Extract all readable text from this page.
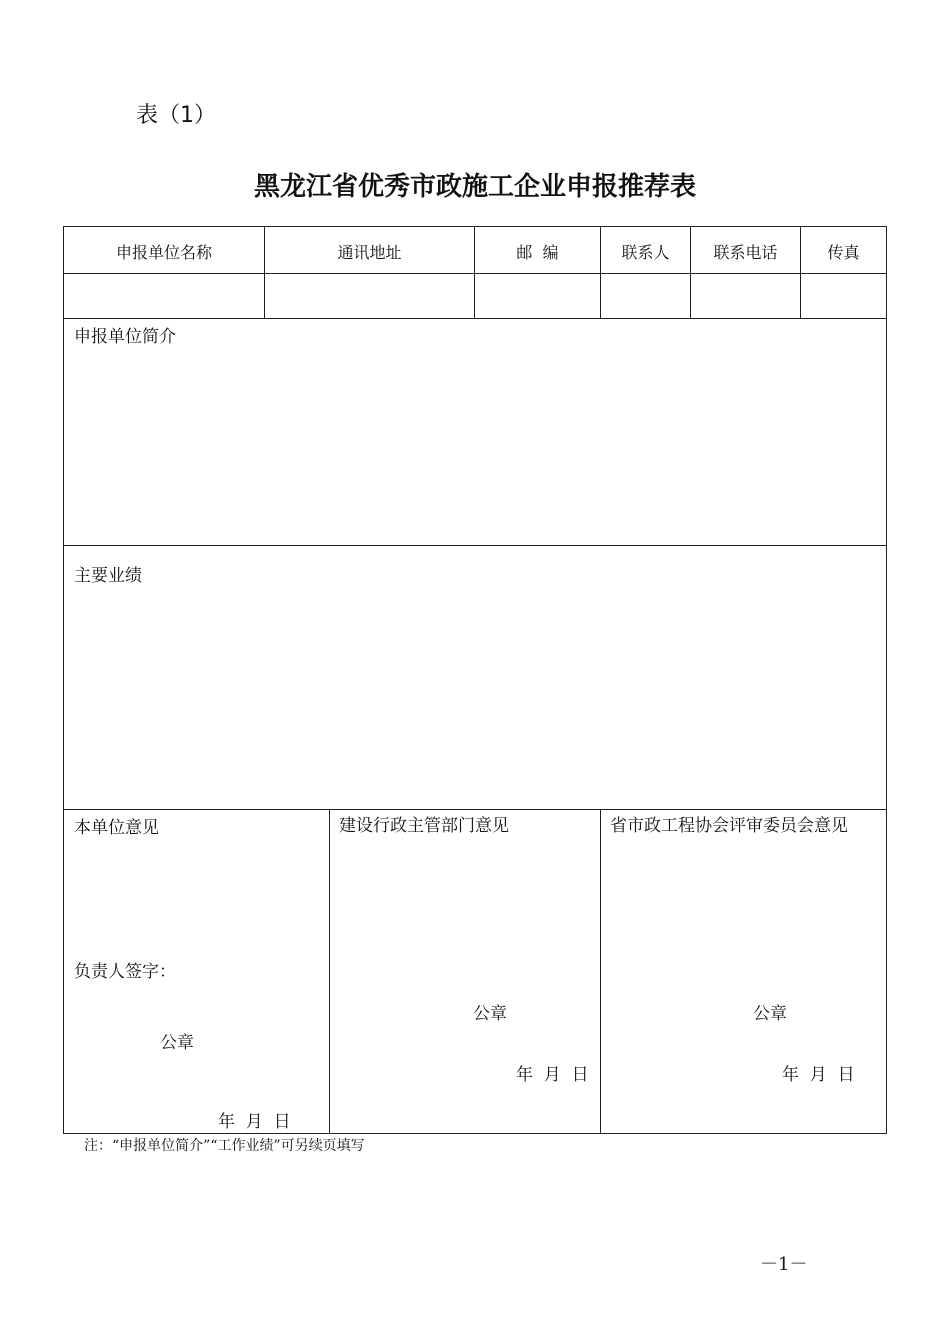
表（1）
黑龙江省优秀市政施工企业申报推荐表
申报单位名称	通讯地址	邮  编	联系人	联系电话	传真
申报单位简介
主要业绩
本单位意见
负责人签字：
公章
年  月  日
建设行政主管部门意见
公章
年  月  日
省市政工程协会评审委员会意见
公章
年  月  日
注：“申报单位简介”“工作业绩”可另续页填写
－1－
